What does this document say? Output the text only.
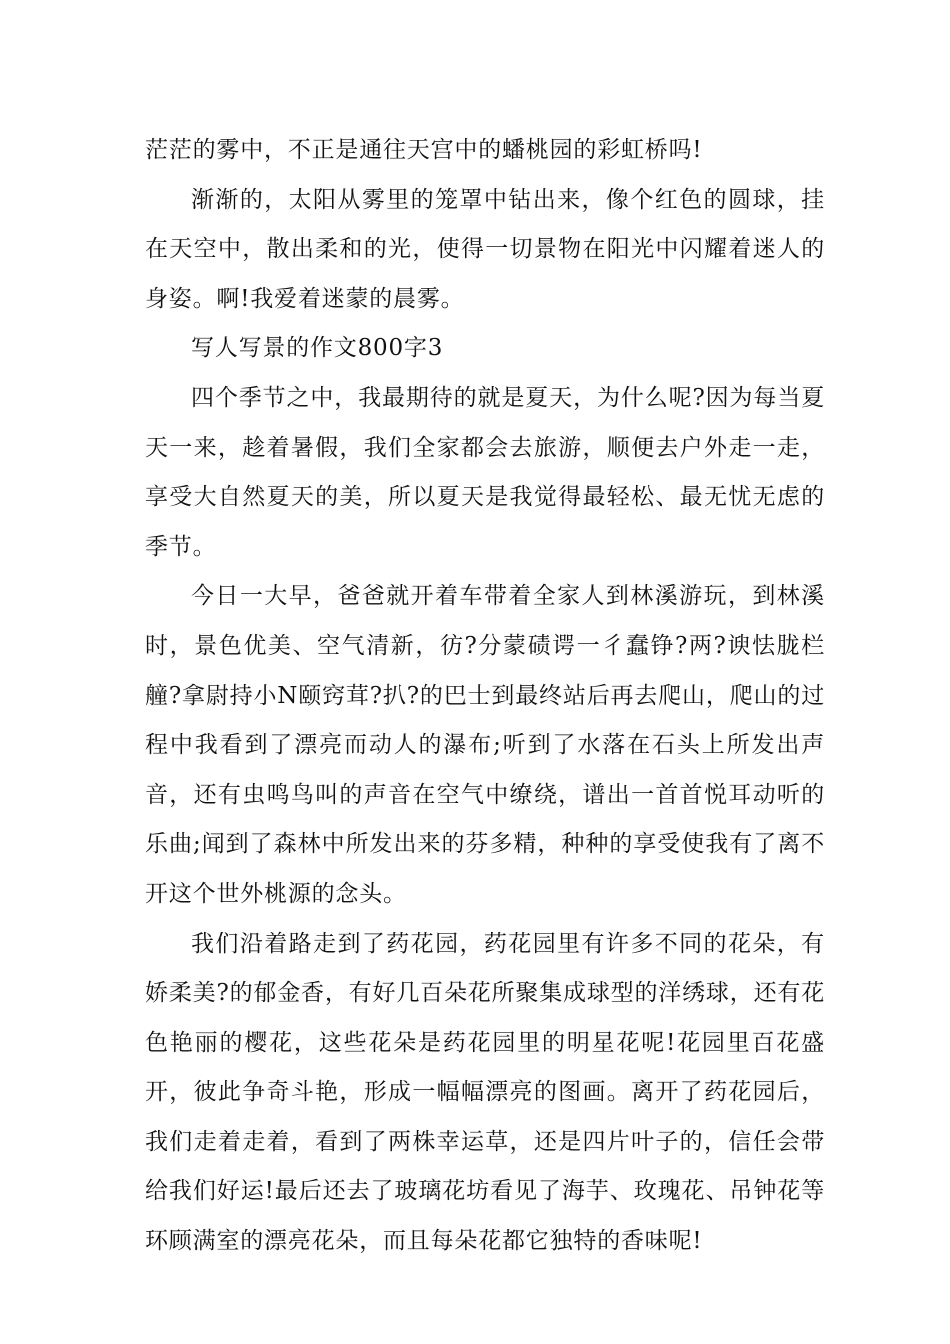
茫茫的雾中，不正是通往天宫中的蟠桃园的彩虹桥吗!

渐渐的，太阳从雾里的笼罩中钻出来，像个红色的圆球，挂在天空中，散出柔和的光，使得一切景物在阳光中闪耀着迷人的身姿。啊!我爱着迷蒙的晨雾。

写人写景的作文800字3

四个季节之中，我最期待的就是夏天，为什么呢?因为每当夏天一来，趁着暑假，我们全家都会去旅游，顺便去户外走一走，享受大自然夏天的美，所以夏天是我觉得最轻松、最无忧无虑的季节。

今日一大早，爸爸就开着车带着全家人到林溪游玩，到林溪时，景色优美、空气清新，彷?分蒙碛谔一彳蠢铮?两?谀怯胧栏艟?拿尉持小N颐窍茸?扒?的巴士到最终站后再去爬山，爬山的过程中我看到了漂亮而动人的瀑布;听到了水落在石头上所发出声音，还有虫鸣鸟叫的声音在空气中缭绕，谱出一首首悦耳动听的乐曲;闻到了森林中所发出来的芬多精，种种的享受使我有了离不开这个世外桃源的念头。

我们沿着路走到了药花园，药花园里有许多不同的花朵，有娇柔美?的郁金香，有好几百朵花所聚集成球型的洋绣球，还有花色艳丽的樱花，这些花朵是药花园里的明星花呢!花园里百花盛开，彼此争奇斗艳，形成一幅幅漂亮的图画。离开了药花园后，我们走着走着，看到了两株幸运草，还是四片叶子的，信任会带给我们好运!最后还去了玻璃花坊看见了海芋、玫瑰花、吊钟花等环顾满室的漂亮花朵，而且每朵花都它独特的香味呢!
